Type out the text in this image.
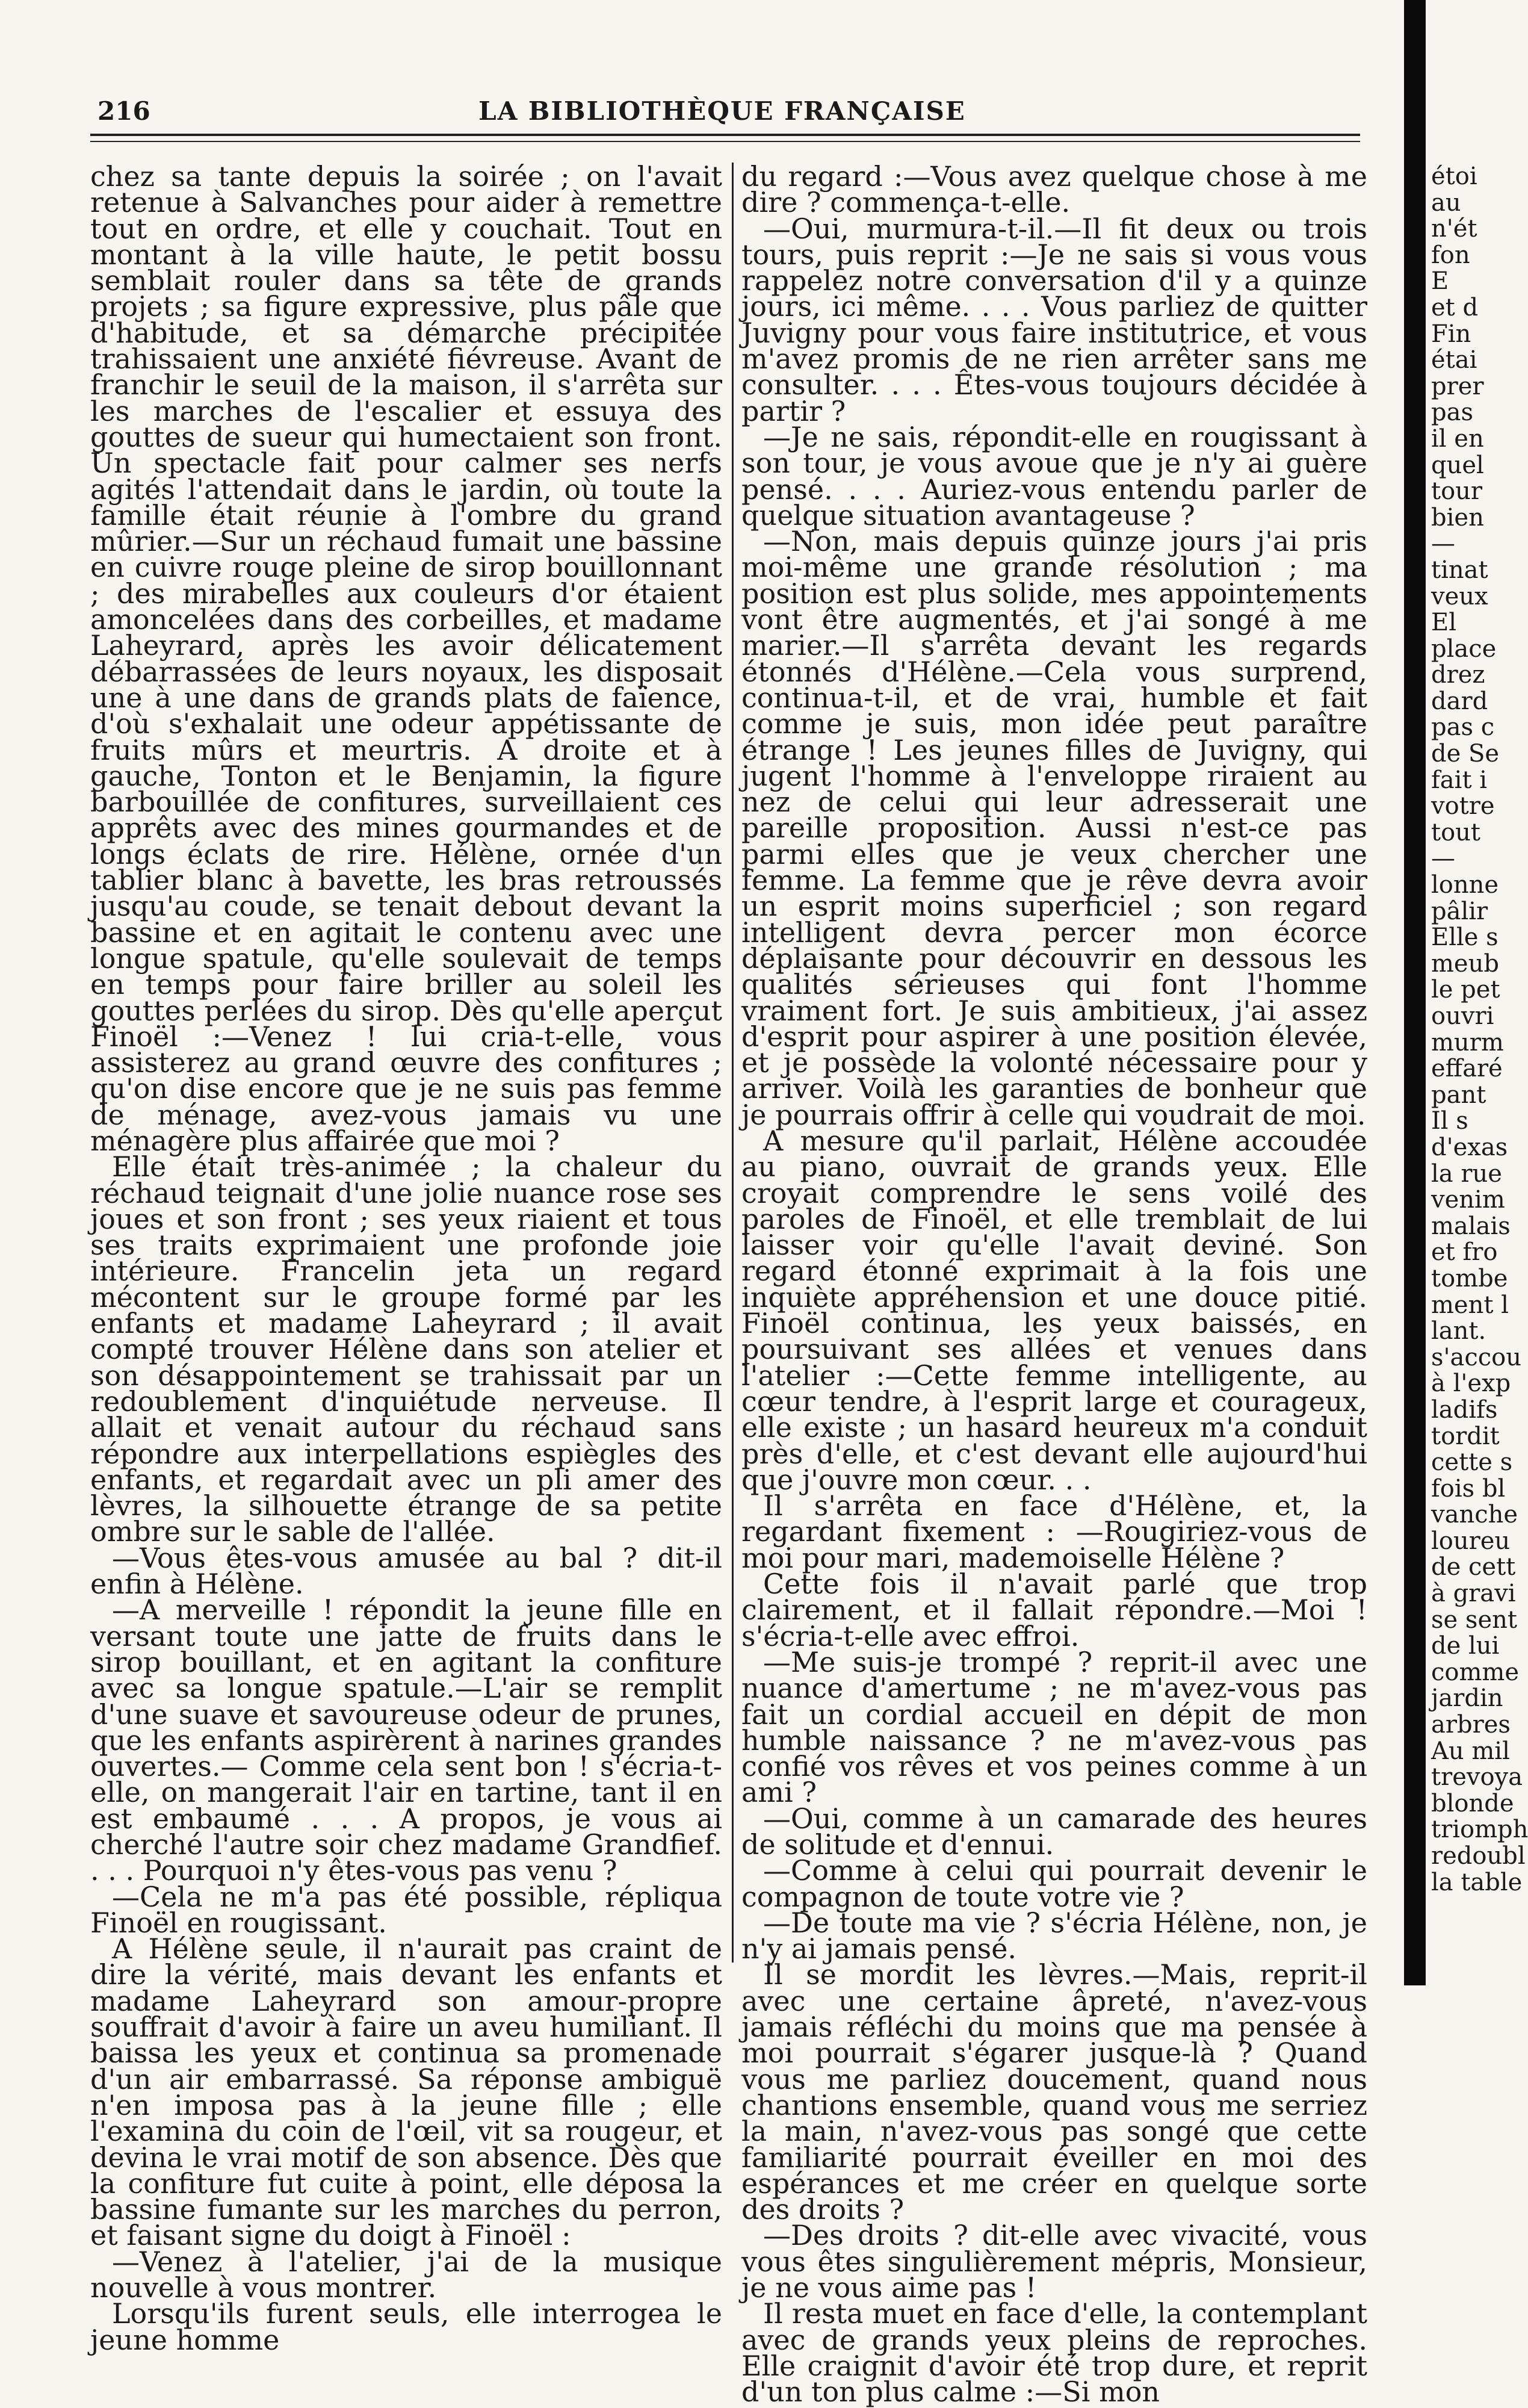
216	LA BIBLIOTHÈQUE FRANÇAISE

chez sa tante depuis la soirée ; on l'avait retenue à Salvanches pour aider à remettre tout en ordre, et elle y couchait. Tout en montant à la ville haute, le petit bossu semblait rouler dans sa tête de grands projets ; sa figure expressive, plus pâle que d'habitude, et sa démarche précipitée trahissaient une anxiété fiévreuse. Avant de franchir le seuil de la maison, il s'arrêta sur les marches de l'escalier et essuya des gouttes de sueur qui humectaient son front. Un spectacle fait pour calmer ses nerfs agités l'attendait dans le jardin, où toute la famille était réunie à l'ombre du grand mûrier.—Sur un réchaud fumait une bassine en cuivre rouge pleine de sirop bouillonnant ; des mirabelles aux couleurs d'or étaient amoncelées dans des corbeilles, et madame Laheyrard, après les avoir délicatement débarrassées de leurs noyaux, les disposait une à une dans de grands plats de faïence, d'où s'exhalait une odeur appétissante de fruits mûrs et meurtris. A droite et à gauche, Tonton et le Benjamin, la figure barbouillée de confitures, surveillaient ces apprêts avec des mines gourmandes et de longs éclats de rire. Hélène, ornée d'un tablier blanc à bavette, les bras retroussés jusqu'au coude, se tenait debout devant la bassine et en agitait le contenu avec une longue spatule, qu'elle soulevait de temps en temps pour faire briller au soleil les gouttes perlées du sirop. Dès qu'elle aperçut Finoël :—Venez ! lui cria-t-elle, vous assisterez au grand œuvre des confitures ; qu'on dise encore que je ne suis pas femme de ménage, avez-vous jamais vu une ménagère plus affairée que moi ?

Elle était très-animée ; la chaleur du réchaud teignait d'une jolie nuance rose ses joues et son front ; ses yeux riaient et tous ses traits exprimaient une profonde joie intérieure. Francelin jeta un regard mécontent sur le groupe formé par les enfants et madame Laheyrard ; il avait compté trouver Hélène dans son atelier et son désappointement se trahissait par un redoublement d'inquiétude nerveuse. Il allait et venait autour du réchaud sans répondre aux interpellations espiègles des enfants, et regardait avec un pli amer des lèvres, la silhouette étrange de sa petite ombre sur le sable de l'allée.

—Vous êtes-vous amusée au bal ? dit-il enfin à Hélène.

—A merveille ! répondit la jeune fille en versant toute une jatte de fruits dans le sirop bouillant, et en agitant la confiture avec sa longue spatule.—L'air se remplit d'une suave et savoureuse odeur de prunes, que les enfants aspirèrent à narines grandes ouvertes.— Comme cela sent bon ! s'écria-t-elle, on mangerait l'air en tartine, tant il en est embaumé . . . A propos, je vous ai cherché l'autre soir chez madame Grandfief. . . . Pourquoi n'y êtes-vous pas venu ?

—Cela ne m'a pas été possible, répliqua Finoël en rougissant.

A Hélène seule, il n'aurait pas craint de dire la vérité, mais devant les enfants et madame Laheyrard son amour-propre souffrait d'avoir à faire un aveu humiliant. Il baissa les yeux et continua sa promenade d'un air embarrassé. Sa réponse ambiguë n'en imposa pas à la jeune fille ; elle l'examina du coin de l'œil, vit sa rougeur, et devina le vrai motif de son absence. Dès que la confiture fut cuite à point, elle déposa la bassine fumante sur les marches du perron, et faisant signe du doigt à Finoël :

—Venez à l'atelier, j'ai de la musique nouvelle à vous montrer.

Lorsqu'ils furent seuls, elle interrogea le jeune homme

du regard :—Vous avez quelque chose à me dire ? commença-t-elle.

—Oui, murmura-t-il.—Il fit deux ou trois tours, puis reprit :—Je ne sais si vous vous rappelez notre conversation d'il y a quinze jours, ici même. . . . Vous parliez de quitter Juvigny pour vous faire institutrice, et vous m'avez promis de ne rien arrêter sans me consulter. . . . Êtes-vous toujours décidée à partir ?

—Je ne sais, répondit-elle en rougissant à son tour, je vous avoue que je n'y ai guère pensé. . . . Auriez-vous entendu parler de quelque situation avantageuse ?

—Non, mais depuis quinze jours j'ai pris moi-même une grande résolution ; ma position est plus solide, mes appointements vont être augmentés, et j'ai songé à me marier.—Il s'arrêta devant les regards étonnés d'Hélène.—Cela vous surprend, continua-t-il, et de vrai, humble et fait comme je suis, mon idée peut paraître étrange ! Les jeunes filles de Juvigny, qui jugent l'homme à l'enveloppe riraient au nez de celui qui leur adresserait une pareille proposition. Aussi n'est-ce pas parmi elles que je veux chercher une femme. La femme que je rêve devra avoir un esprit moins superficiel ; son regard intelligent devra percer mon écorce déplaisante pour découvrir en dessous les qualités sérieuses qui font l'homme vraiment fort. Je suis ambitieux, j'ai assez d'esprit pour aspirer à une position élevée, et je possède la volonté nécessaire pour y arriver. Voilà les garanties de bonheur que je pourrais offrir à celle qui voudrait de moi.

A mesure qu'il parlait, Hélène accoudée au piano, ouvrait de grands yeux. Elle croyait comprendre le sens voilé des paroles de Finoël, et elle tremblait de lui laisser voir qu'elle l'avait deviné. Son regard étonné exprimait à la fois une inquiète appréhension et une douce pitié. Finoël continua, les yeux baissés, en poursuivant ses allées et venues dans l'atelier :—Cette femme intelligente, au cœur tendre, à l'esprit large et courageux, elle existe ; un hasard heureux m'a conduit près d'elle, et c'est devant elle aujourd'hui que j'ouvre mon cœur. . .

Il s'arrêta en face d'Hélène, et, la regardant fixement : —Rougiriez-vous de moi pour mari, mademoiselle Hélène ?

Cette fois il n'avait parlé que trop clairement, et il fallait répondre.—Moi ! s'écria-t-elle avec effroi.

—Me suis-je trompé ? reprit-il avec une nuance d'amertume ; ne m'avez-vous pas fait un cordial accueil en dépit de mon humble naissance ? ne m'avez-vous pas confié vos rêves et vos peines comme à un ami ?

—Oui, comme à un camarade des heures de solitude et d'ennui.

—Comme à celui qui pourrait devenir le compagnon de toute votre vie ?

—De toute ma vie ? s'écria Hélène, non, je n'y ai jamais pensé.

Il se mordit les lèvres.—Mais, reprit-il avec une certaine âpreté, n'avez-vous jamais réfléchi du moins que ma pensée à moi pourrait s'égarer jusque-là ? Quand vous me parliez doucement, quand nous chantions ensemble, quand vous me serriez la main, n'avez-vous pas songé que cette familiarité pourrait éveiller en moi des espérances et me créer en quelque sorte des droits ?

—Des droits ? dit-elle avec vivacité, vous vous êtes singulièrement mépris, Monsieur, je ne vous aime pas !

Il resta muet en face d'elle, la contemplant avec de grands yeux pleins de reproches. Elle craignit d'avoir été trop dure, et reprit d'un ton plus calme :—Si mon

étoi
au
n'ét
fon
E
et d
Fin
étai
prer
pas
il en
quel
tour
bien
—
tinat
veux
El
place
drez
dard
pas c
de Se
fait i
votre
tout
—
lonne
pâlir
Elle s
meub
le pet
ouvri
murm
effaré
pant
Il s
d'exas
la rue
venim
malais
et fro
tombe
ment l
lant.
s'accou
à l'exp
ladifs
tordit
cette s
fois bl
vanche
loureu
de cett
à gravi
se sent
de lui
comme
jardin
arbres
Au mil
trevoya
blonde
triomph
redoubl
la table
